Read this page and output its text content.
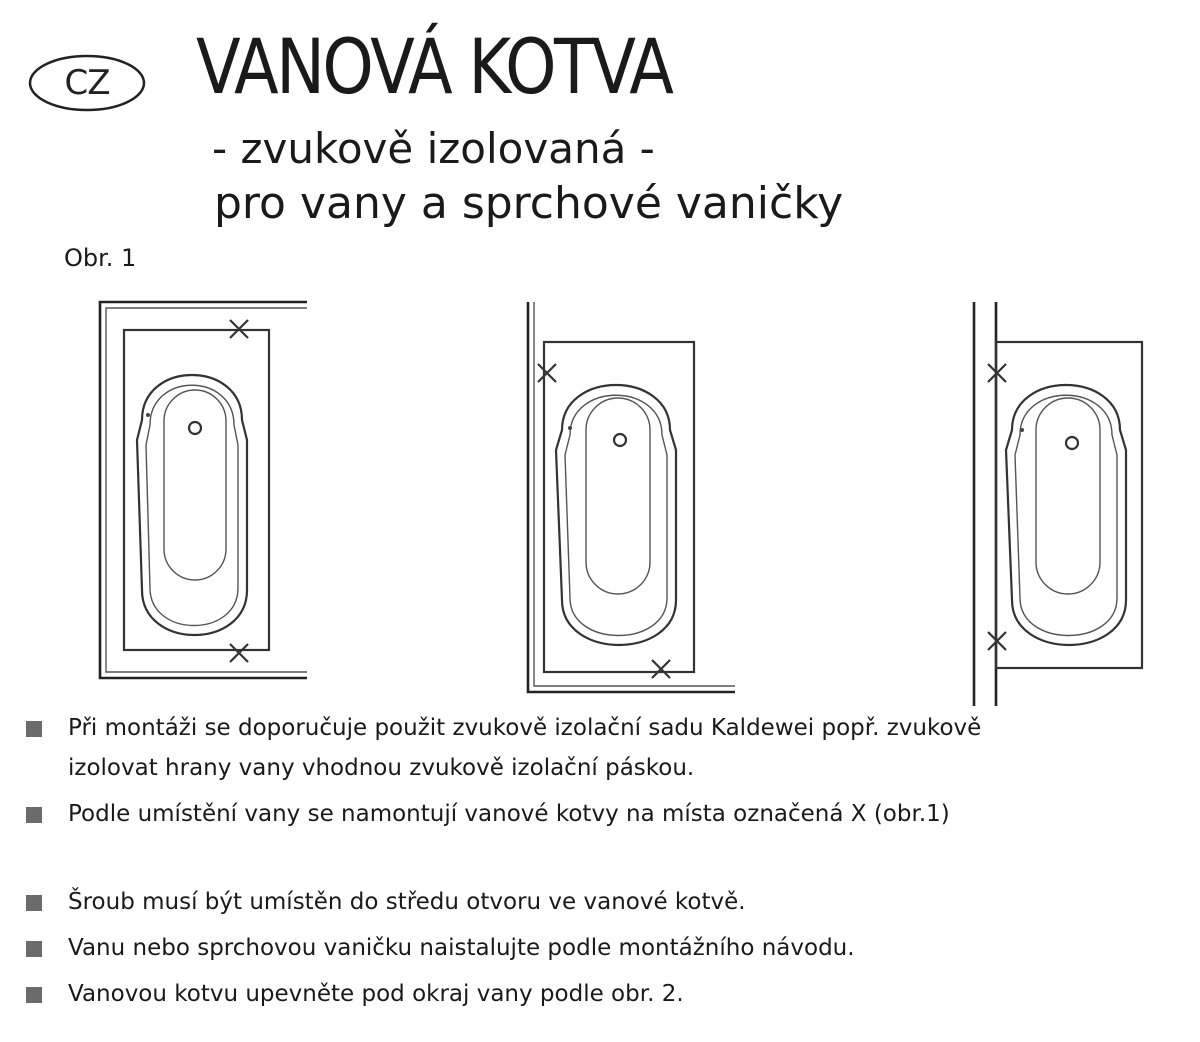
CZ	VANOVÁ KOTVA
- zvukově izolovaná -
pro vany a sprchové vaničky
Obr. 1
Při montáži se doporučuje použit zvukově izolační sadu Kaldewei popř. zvukově izolovat hrany vany vhodnou zvukově izolační páskou.
Podle umístění vany se namontují vanové kotvy na místa označená X (obr.1)
Šroub musí být umístěn do středu otvoru ve vanové kotvě.
Vanu nebo sprchovou vaničku naistalujte podle montážního návodu.
Vanovou kotvu upevněte pod okraj vany podle obr. 2.
